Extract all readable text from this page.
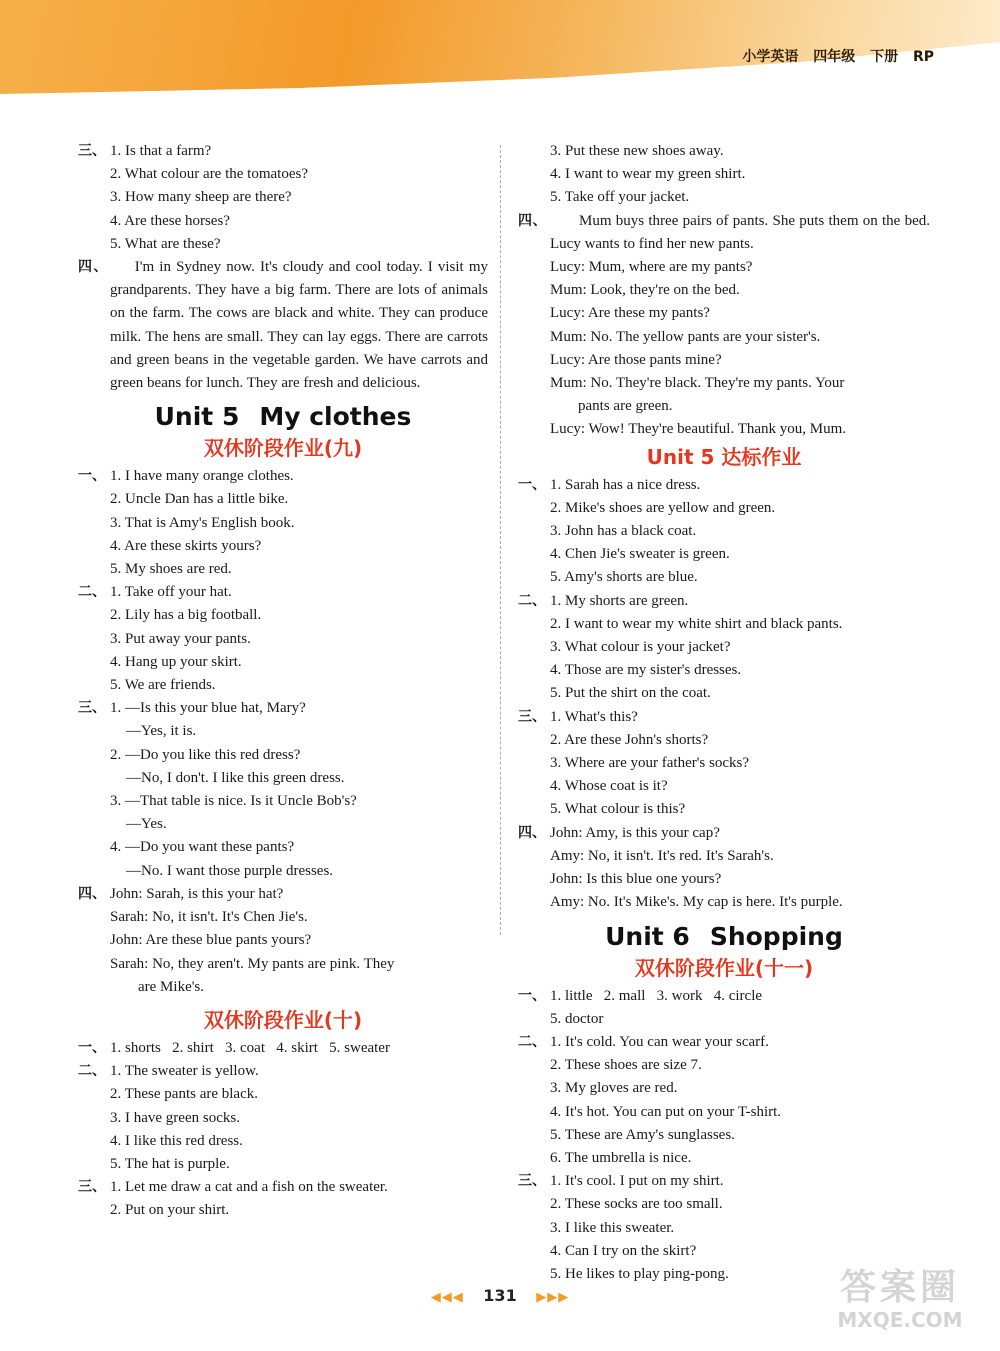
小学英语 四年级 下册 RP
三、 1. Is that a farm?
2. What colour are the tomatoes?
3. How many sheep are there?
4. Are these horses?
5. What are these?
四、 I'm in Sydney now. It's cloudy and cool today. I visit my grandparents. They have a big farm. There are lots of animals on the farm. The cows are black and white. They can produce milk. The hens are small. They can lay eggs. There are carrots and green beans in the vegetable garden. We have carrots and green beans for lunch. They are fresh and delicious.
Unit 5 My clothes
双休阶段作业(九)
一、 1. I have many orange clothes.
2. Uncle Dan has a little bike.
3. That is Amy's English book.
4. Are these skirts yours?
5. My shoes are red.
二、 1. Take off your hat.
2. Lily has a big football.
3. Put away your pants.
4. Hang up your skirt.
5. We are friends.
三、 1. —Is this your blue hat, Mary?
—Yes, it is.
2. —Do you like this red dress?
—No, I don't. I like this green dress.
3. —That table is nice. Is it Uncle Bob's?
—Yes.
4. —Do you want these pants?
—No. I want those purple dresses.
四、 John: Sarah, is this your hat?
Sarah: No, it isn't. It's Chen Jie's.
John: Are these blue pants yours?
Sarah: No, they aren't. My pants are pink. They
are Mike's.
双休阶段作业(十)
一、 1. shorts   2. shirt   3. coat   4. skirt   5. sweater
二、 1. The sweater is yellow.
2. These pants are black.
3. I have green socks.
4. I like this red dress.
5. The hat is purple.
三、 1. Let me draw a cat and a fish on the sweater.
2. Put on your shirt.
3. Put these new shoes away.
4. I want to wear my green shirt.
5. Take off your jacket.
四、 Mum buys three pairs of pants. She puts them on the bed. Lucy wants to find her new pants.
Lucy: Mum, where are my pants?
Mum: Look, they're on the bed.
Lucy: Are these my pants?
Mum: No. The yellow pants are your sister's.
Lucy: Are those pants mine?
Mum: No. They're black. They're my pants. Your
pants are green.
Lucy: Wow! They're beautiful. Thank you, Mum.
Unit 5 达标作业
一、 1. Sarah has a nice dress.
2. Mike's shoes are yellow and green.
3. John has a black coat.
4. Chen Jie's sweater is green.
5. Amy's shorts are blue.
二、 1. My shorts are green.
2. I want to wear my white shirt and black pants.
3. What colour is your jacket?
4. Those are my sister's dresses.
5. Put the shirt on the coat.
三、 1. What's this?
2. Are these John's shorts?
3. Where are your father's socks?
4. Whose coat is it?
5. What colour is this?
四、 John: Amy, is this your cap?
Amy: No, it isn't. It's red. It's Sarah's.
John: Is this blue one yours?
Amy: No. It's Mike's. My cap is here. It's purple.
Unit 6 Shopping
双休阶段作业(十一)
一、 1. little   2. mall   3. work   4. circle
5. doctor
二、 1. It's cold. You can wear your scarf.
2. These shoes are size 7.
3. My gloves are red.
4. It's hot. You can put on your T-shirt.
5. These are Amy's sunglasses.
6. The umbrella is nice.
三、 1. It's cool. I put on my shirt.
2. These socks are too small.
3. I like this sweater.
4. Can I try on the skirt?
5. He likes to play ping-pong.
◀◀◀ 131 ▶▶▶	答案圈
MXQE.COM
